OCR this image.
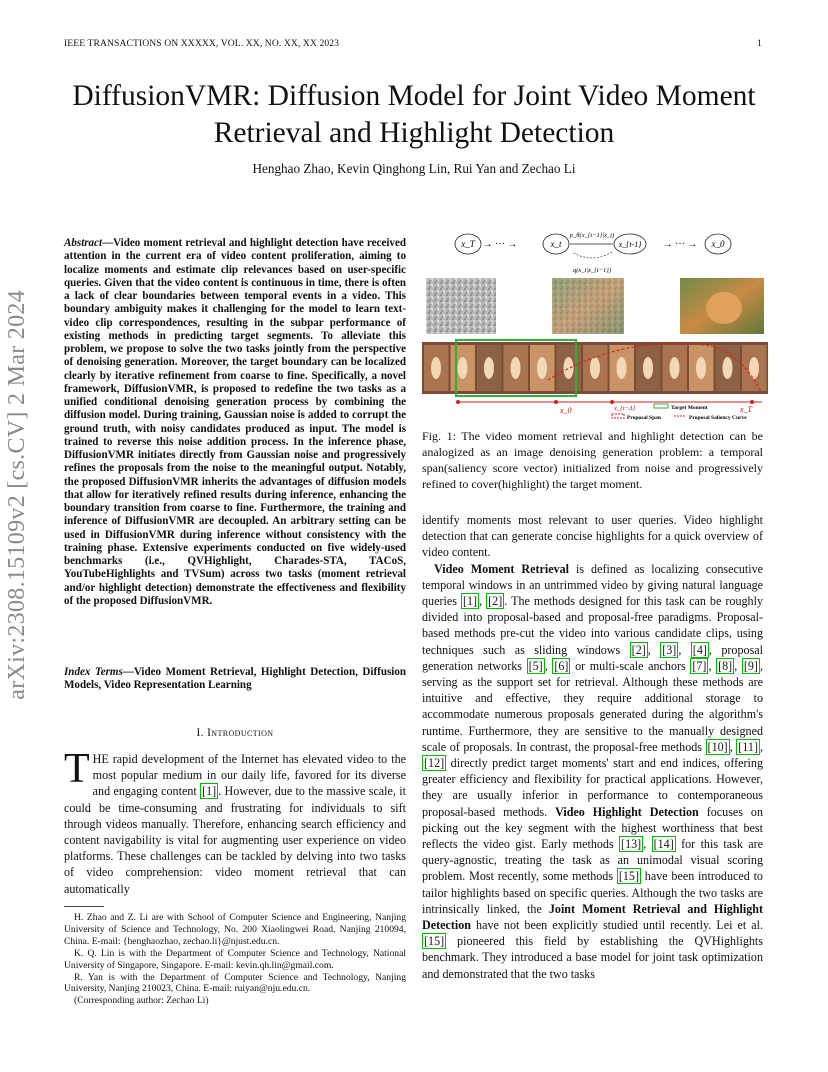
IEEE TRANSACTIONS ON XXXXX, VOL. XX, NO. XX, XX 2023	1
DiffusionVMR: Diffusion Model for Joint Video Moment Retrieval and Highlight Detection
Henghao Zhao, Kevin Qinghong Lin, Rui Yan and Zechao Li
arXiv:2308.15109v2 [cs.CV] 2 Mar 2024
Abstract—Video moment retrieval and highlight detection have received attention in the current era of video content proliferation, aiming to localize moments and estimate clip relevances based on user-specific queries. Given that the video content is continuous in time, there is often a lack of clear boundaries between temporal events in a video. This boundary ambiguity makes it challenging for the model to learn text-video clip correspondences, resulting in the subpar performance of existing methods in predicting target segments. To alleviate this problem, we propose to solve the two tasks jointly from the perspective of denoising generation. Moreover, the target boundary can be localized clearly by iterative refinement from coarse to fine. Specifically, a novel framework, DiffusionVMR, is proposed to redefine the two tasks as a unified conditional denoising generation process by combining the diffusion model. During training, Gaussian noise is added to corrupt the ground truth, with noisy candidates produced as input. The model is trained to reverse this noise addition process. In the inference phase, DiffusionVMR initiates directly from Gaussian noise and progressively refines the proposals from the noise to the meaningful output. Notably, the proposed DiffusionVMR inherits the advantages of diffusion models that allow for iteratively refined results during inference, enhancing the boundary transition from coarse to fine. Furthermore, the training and inference of DiffusionVMR are decoupled. An arbitrary setting can be used in DiffusionVMR during inference without consistency with the training phase. Extensive experiments conducted on five widely-used benchmarks (i.e., QVHighlight, Charades-STA, TACoS, YouTubeHighlights and TVSum) across two tasks (moment retrieval and/or highlight detection) demonstrate the effectiveness and flexibility of the proposed DiffusionVMR.
Index Terms—Video Moment Retrieval, Highlight Detection, Diffusion Models, Video Representation Learning
I. Introduction
THE rapid development of the Internet has elevated video to the most popular medium in our daily life, favored for its diverse and engaging content [1] . However, due to the massive scale, it could be time-consuming and frustrating for individuals to sift through videos manually. Therefore, enhancing search efficiency and content navigability is vital for augmenting user experience on video platforms. These challenges can be tackled by delving into two tasks of video comprehension: video moment retrieval that can automatically

H. Zhao and Z. Li are with School of Computer Science and Engineering, Nanjing University of Science and Technology, No. 200 Xiaolingwei Road, Nanjing 210094, China. E-mail: {henghaozhao, zechao.li}@njust.edu.cn.

K. Q. Lin is with the Department of Computer Science and Technology, National University of Singapore, Singapore. E-mail: kevin.qh.lin@gmail.com.

R. Yan is with the Department of Computer Science and Technology, Nanjing University, Nanjing 210023, China. E-mail: ruiyan@nju.edu.cn.

(Corresponding author: Zechao Li)

x_T → ··· →	x_t	x_{t-1} → ··· → x_0
p_θ(x_{t−1}|x_t)
q(x_t|x_{t−1})
x_0	x_{t−Δ}	x_T
Target Moment
Proposal Span	Proposal Saliency Curve
Fig. 1: The video moment retrieval and highlight detection can be analogized as an image denoising generation problem: a temporal span(saliency score vector) initialized from noise and progressively refined to cover(highlight) the target moment.

identify moments most relevant to user queries. Video highlight detection that can generate concise highlights for a quick overview of video content.

Video Moment Retrieval is defined as localizing consecutive temporal windows in an untrimmed video by giving natural language queries [1] , [2] . The methods designed for this task can be roughly divided into proposal-based and proposal-free paradigms. Proposal-based methods pre-cut the video into various candidate clips, using techniques such as sliding windows [2] , [3] , [4] , proposal generation networks [5] , [6] or multi-scale anchors [7] , [8] , [9] , serving as the support set for retrieval. Although these methods are intuitive and effective, they require additional storage to accommodate numerous proposals generated during the algorithm's runtime. Furthermore, they are sensitive to the manually designed scale of proposals. In contrast, the proposal-free methods [10] , [11] , [12] directly predict target moments' start and end indices, offering greater efficiency and flexibility for practical applications. However, they are usually inferior in performance to contemporaneous proposal-based methods. Video Highlight Detection focuses on picking out the key segment with the highest worthiness that best reflects the video gist. Early methods [13] , [14] for this task are query-agnostic, treating the task as an unimodal visual scoring problem. Most recently, some methods [15] have been introduced to tailor highlights based on specific queries. Although the two tasks are intrinsically linked, the Joint Moment Retrieval and Highlight Detection have not been explicitly studied until recently. Lei et al. [15] pioneered this field by establishing the QVHighlights benchmark. They introduced a base model for joint task optimization and demonstrated that the two tasks
